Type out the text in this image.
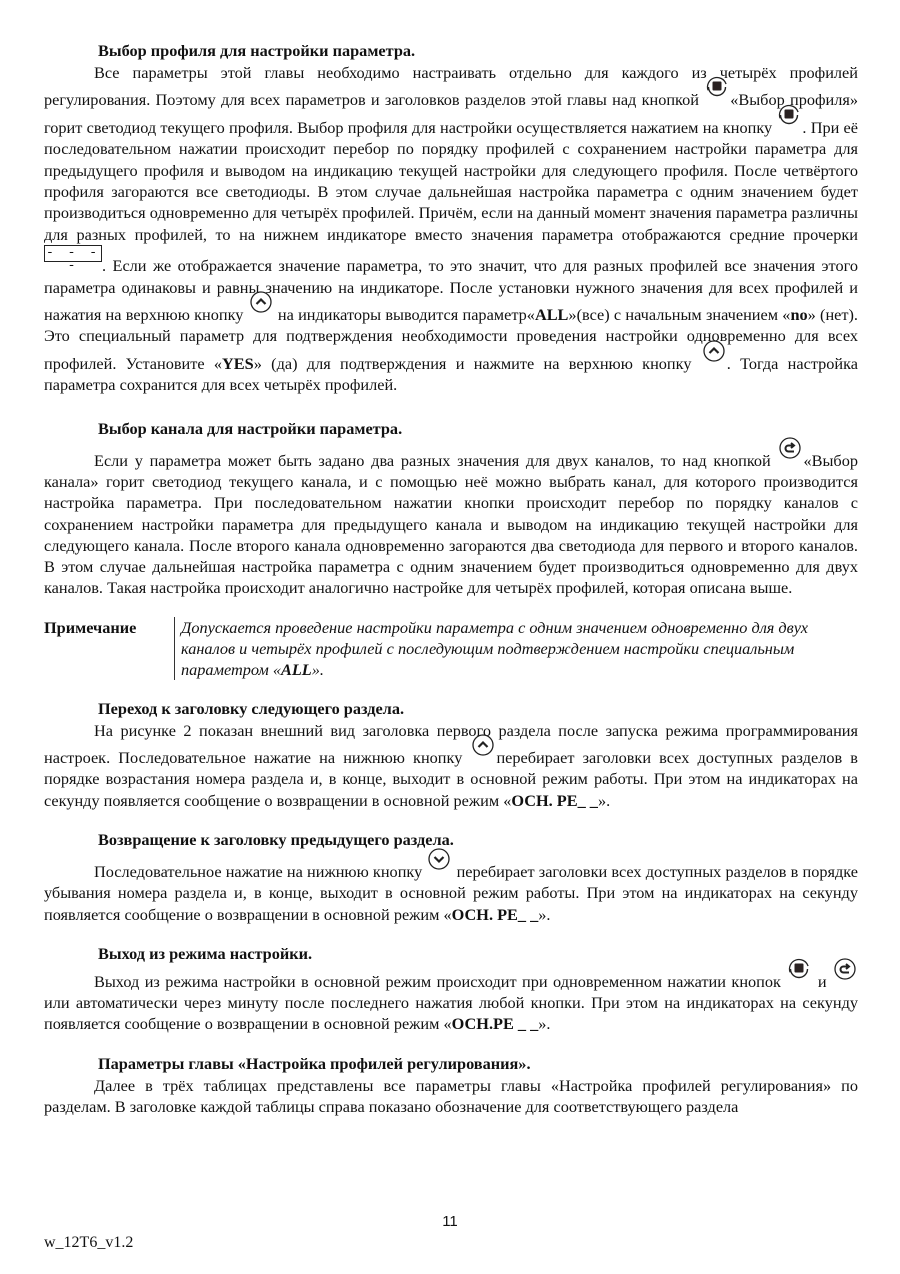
Выбор профиля для настройки параметра.

Все параметры этой главы необходимо настраивать отдельно для каждого из четырёх профилей регулирования. Поэтому для всех параметров и заголовков разделов этой главы над кнопкой
«Выбор профиля» горит светодиод текущего профиля. Выбор профиля для настройки осуществляется нажатием на кнопку
. При её последовательном нажатии происходит перебор по порядку профилей с сохранением настройки параметра для предыдущего профиля и выводом на индикацию текущей настройки для следующего профиля. После четвёртого профиля загораются все светодиоды. В этом случае дальнейшая настройка параметра с одним значением будет производиться одновременно для четырёх профилей. Причём, если на данный момент значения параметра различны для разных профилей, то на нижнем индикаторе вместо значения параметра отображаются средние прочерки - - - - . Если же отображается значение параметра, то это значит, что для разных профилей все значения этого параметра одинаковы и равны значению на индикаторе. После установки нужного значения для всех профилей и нажатия на верхнюю кнопку
на индикаторы выводится параметр«ALL»(все) с начальным значением «no» (нет). Это специальный параметр для подтверждения необходимости проведения настройки одновременно для всех профилей. Установите «YES» (да) для подтверждения и нажмите на верхнюю кнопку
. Тогда настройка параметра сохранится для всех четырёх профилей.

Выбор канала для настройки параметра.

Если у параметра может быть задано два разных значения для двух каналов, то над кнопкой
«Выбор канала» горит светодиод текущего канала, и с помощью неё можно выбрать канал, для которого производится настройка параметра. При последовательном нажатии кнопки происходит перебор по порядку каналов с сохранением настройки параметра для предыдущего канала и выводом на индикацию текущей настройки для следующего канала. После второго канала одновременно загораются два светодиода для первого и второго каналов. В этом случае дальнейшая настройка параметра с одним значением будет производиться одновременно для двух каналов. Такая настройка происходит аналогично настройке для четырёх профилей, которая описана выше.

Примечание	Допускается проведение настройки параметра с одним значением одновременно для двух каналов и четырёх профилей с последующим подтверждением настройки специальным параметром «ALL».
Переход к заголовку следующего раздела.

На рисунке 2 показан внешний вид заголовка первого раздела после запуска режима программирования настроек. Последовательное нажатие на нижнюю кнопку
перебирает заголовки всех доступных разделов в порядке возрастания номера раздела и, в конце, выходит в основной режим работы. При этом на индикаторах на секунду появляется сообщение о возвращении в основной режим «ОСН. PE_ _».

Возвращение к заголовку предыдущего раздела.

Последовательное нажатие на нижнюю кнопку
перебирает заголовки всех доступных разделов в порядке убывания номера раздела и, в конце, выходит в основной режим работы. При этом на индикаторах на секунду появляется сообщение о возвращении в основной режим «ОСН. PE_ _».

Выход из режима настройки.

Выход из режима настройки в основной режим происходит при одновременном нажатии кнопок
и
или автоматически через минуту после последнего нажатия любой кнопки. При этом на индикаторах на секунду появляется сообщение о возвращении в основной режим «ОСН.PE _ _».

Параметры главы «Настройка профилей регулирования».

Далее в трёх таблицах представлены все параметры главы «Настройка профилей регулирования» по разделам. В заголовке каждой таблицы справа показано обозначение для соответствующего раздела

11
w_12T6_v1.2
